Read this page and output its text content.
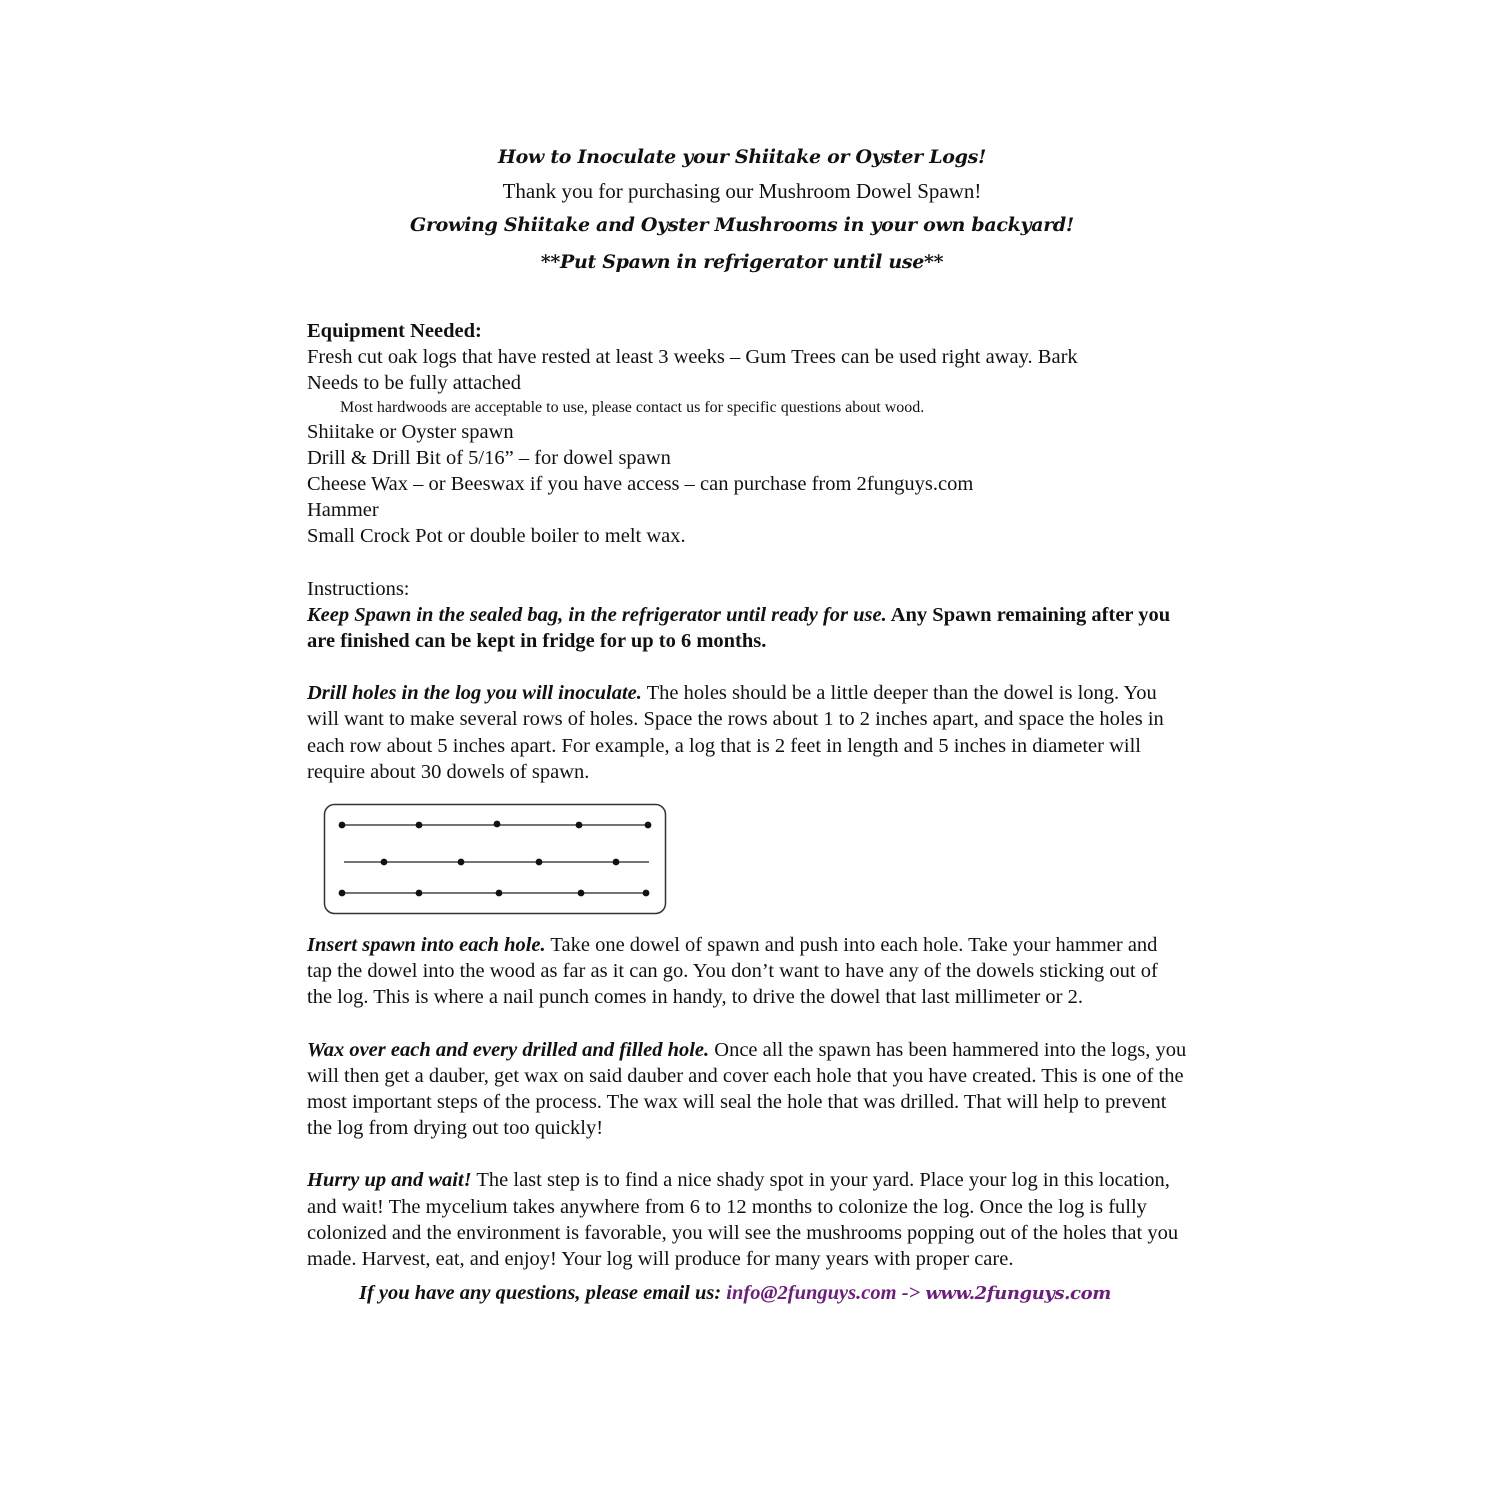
How to Inoculate your Shiitake or Oyster Logs!
Thank you for purchasing our Mushroom Dowel Spawn!
Growing Shiitake and Oyster Mushrooms in your own backyard!
**Put Spawn in refrigerator until use**
Equipment Needed:
Fresh cut oak logs that have rested at least 3 weeks – Gum Trees can be used right away. Bark
Needs to be fully attached
Most hardwoods are acceptable to use, please contact us for specific questions about wood.
Shiitake or Oyster spawn
Drill & Drill Bit of 5/16” – for dowel spawn
Cheese Wax – or Beeswax if you have access – can purchase from 2funguys.com
Hammer
Small Crock Pot or double boiler to melt wax.
Instructions:

Keep Spawn in the sealed bag, in the refrigerator until ready for use. Any Spawn remaining after you are finished can be kept in fridge for up to 6 months.

Drill holes in the log you will inoculate. The holes should be a little deeper than the dowel is long. You will want to make several rows of holes. Space the rows about 1 to 2 inches apart, and space the holes in each row about 5 inches apart. For example, a log that is 2 feet in length and 5 inches in diameter will require about 30 dowels of spawn.

Insert spawn into each hole. Take one dowel of spawn and push into each hole. Take your hammer and tap the dowel into the wood as far as it can go. You don’t want to have any of the dowels sticking out of the log. This is where a nail punch comes in handy, to drive the dowel that last millimeter or 2.

Wax over each and every drilled and filled hole. Once all the spawn has been hammered into the logs, you will then get a dauber, get wax on said dauber and cover each hole that you have created. This is one of the most important steps of the process. The wax will seal the hole that was drilled. That will help to prevent the log from drying out too quickly!

Hurry up and wait! The last step is to find a nice shady spot in your yard. Place your log in this location, and wait! The mycelium takes anywhere from 6 to 12 months to colonize the log. Once the log is fully colonized and the environment is favorable, you will see the mushrooms popping out of the holes that you made. Harvest, eat, and enjoy! Your log will produce for many years with proper care.

If you have any questions, please email us: info@2funguys.com -> www.2funguys.com
